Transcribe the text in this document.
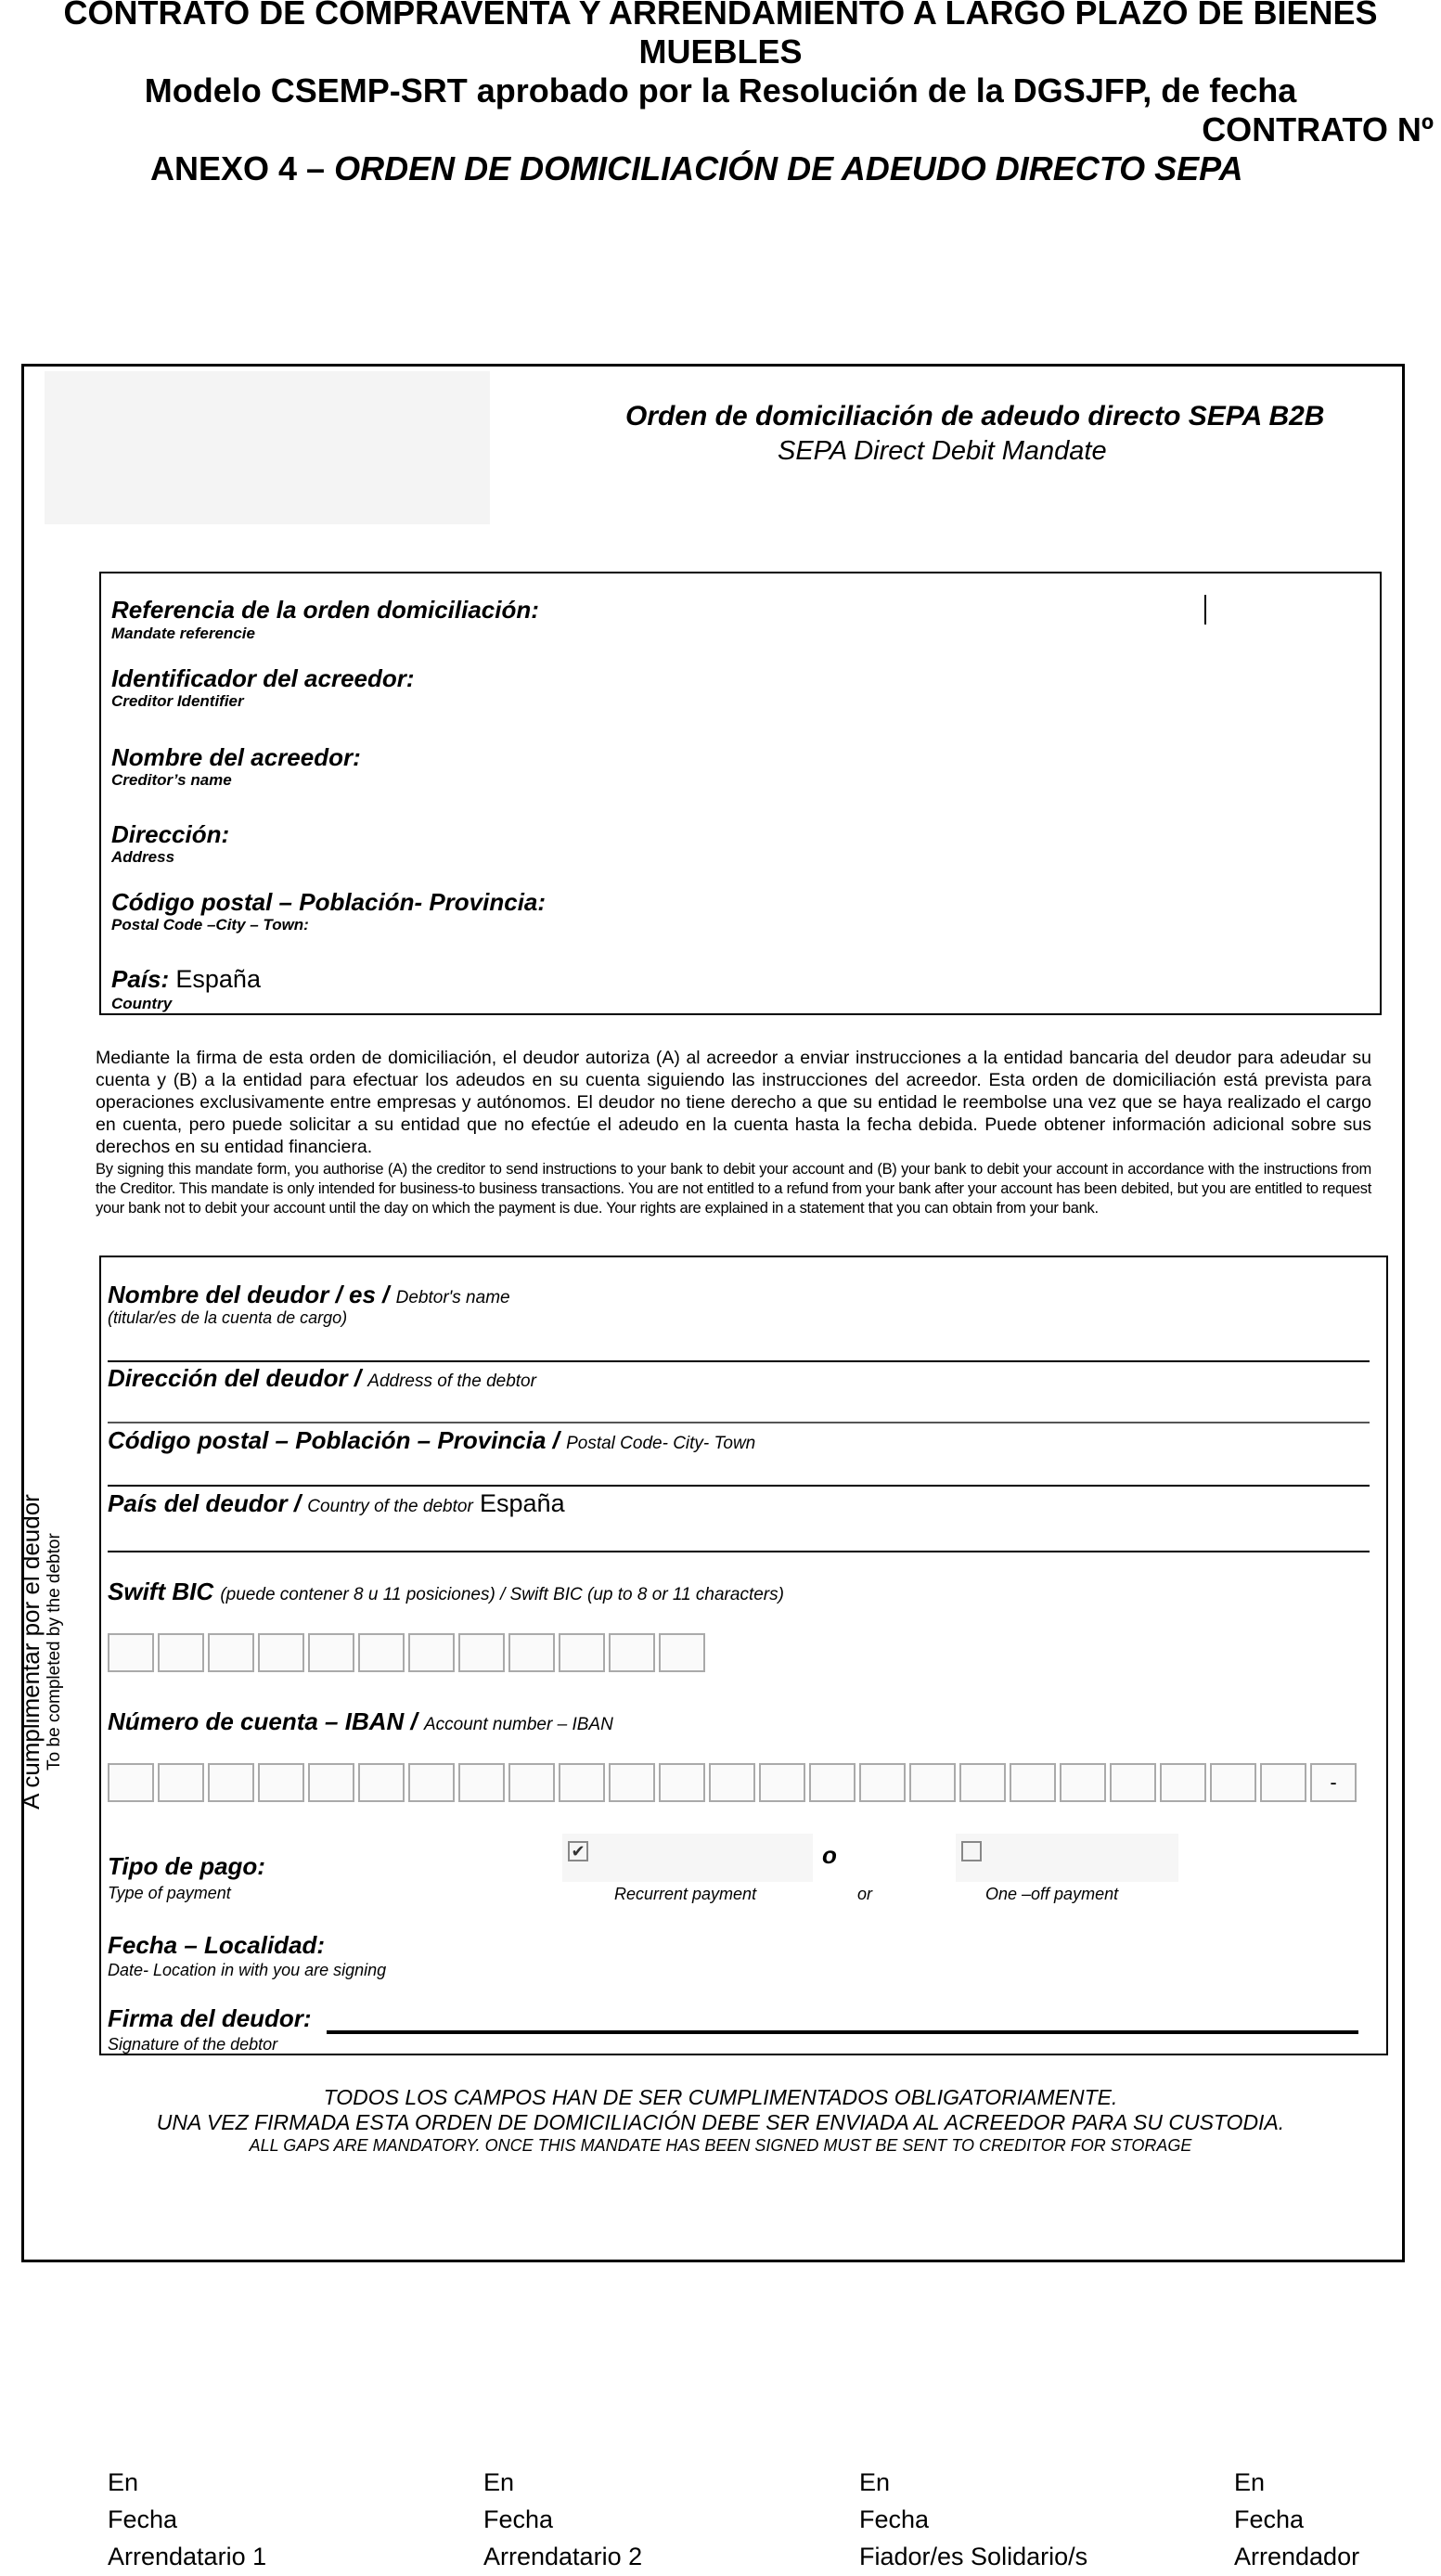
CONTRATO DE COMPRAVENTA Y ARRENDAMIENTO A LARGO PLAZO DE BIENES
MUEBLES
Modelo CSEMP-SRT aprobado por la Resolución de la DGSJFP, de fecha
CONTRATO Nº
ANEXO 4 – ORDEN DE DOMICILIACIÓN DE ADEUDO DIRECTO SEPA
Orden de domiciliación de adeudo directo SEPA B2B
SEPA Direct Debit Mandate
Referencia de la orden domiciliación:
Mandate referencie
Identificador del acreedor:
Creditor Identifier
Nombre del acreedor:
Creditor’s name
Dirección:
Address
Código postal – Población- Provincia:
Postal Code –City – Town:
País: España
Country
Mediante la firma de esta orden de domiciliación, el deudor autoriza (A) al acreedor a enviar instrucciones a la entidad bancaria del deudor para adeudar su cuenta y (B) a la entidad para efectuar los adeudos en su cuenta siguiendo las instrucciones del acreedor. Esta orden de domiciliación está prevista para operaciones exclusivamente entre empresas y autónomos. El deudor no tiene derecho a que su entidad le reembolse una vez que se haya realizado el cargo en cuenta, pero puede solicitar a su entidad que no efectúe el adeudo en la cuenta hasta la fecha debida. Puede obtener información adicional sobre sus derechos en su entidad financiera.
By signing this mandate form, you authorise (A) the creditor to send instructions to your bank to debit your account and (B) your bank to debit your account in accordance with the instructions from the Creditor. This mandate is only intended for business-to business transactions. You are not entitled to a refund from your bank after your account has been debited, but you are entitled to request your bank not to debit your account until the day on which the payment is due. Your rights are explained in a statement that you can obtain from your bank.
A cumplimentar por el deudor To be completed by the debtor
Nombre del deudor / es / Debtor's name
(titular/es de la cuenta de cargo)
Dirección del deudor / Address of the debtor
Código postal – Población – Provincia / Postal Code- City- Town
País del deudor / Country of the debtor España
Swift BIC (puede contener 8 u 11 posiciones) / Swift BIC (up to 8 or 11 characters)
Número de cuenta – IBAN / Account number – IBAN
-
Tipo de pago:
Type of payment
✔	o
Recurrent payment	or	One –off payment
Fecha – Localidad:
Date- Location in with you are signing
Firma del deudor:
Signature of the debtor
TODOS LOS CAMPOS HAN DE SER CUMPLIMENTADOS OBLIGATORIAMENTE.
UNA VEZ FIRMADA ESTA ORDEN DE DOMICILIACIÓN DEBE SER ENVIADA AL ACREEDOR PARA SU CUSTODIA.
ALL GAPS ARE MANDATORY. ONCE THIS MANDATE HAS BEEN SIGNED MUST BE SENT TO CREDITOR FOR STORAGE
En
Fecha
Arrendatario 1
En
Fecha
Arrendatario 2
En
Fecha
Fiador/es Solidario/s
En
Fecha
Arrendador
